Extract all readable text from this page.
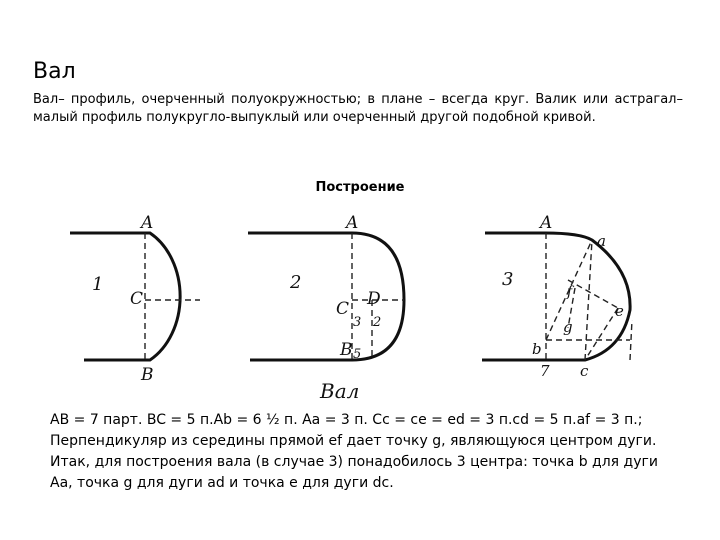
Вал
Вал– профиль, очерченный полуокружностью; в плане – всегда круг. Валик или астрагал– малый профиль полукругло-выпуклый или очерченный другой подобной кривой.
Построение
A
C
B
1
A
C D
3 2
5
B
2
A
a
f
e
g
b
7 c
3
Вал

AB = 7 парт. BC = 5 п.Ab = 6 ½ п. Aa = 3 п. Cc = ce = ed = 3 п.cd = 5 п.af = 3 п.;

Перпендикуляр из середины прямой ef дает точку g, являющуюся центром дуги.

Итак, для построения вала (в случае 3) понадобилось 3 центра: точка b для дуги

Aa, точка g для дуги ad и точка e для дуги dc.
